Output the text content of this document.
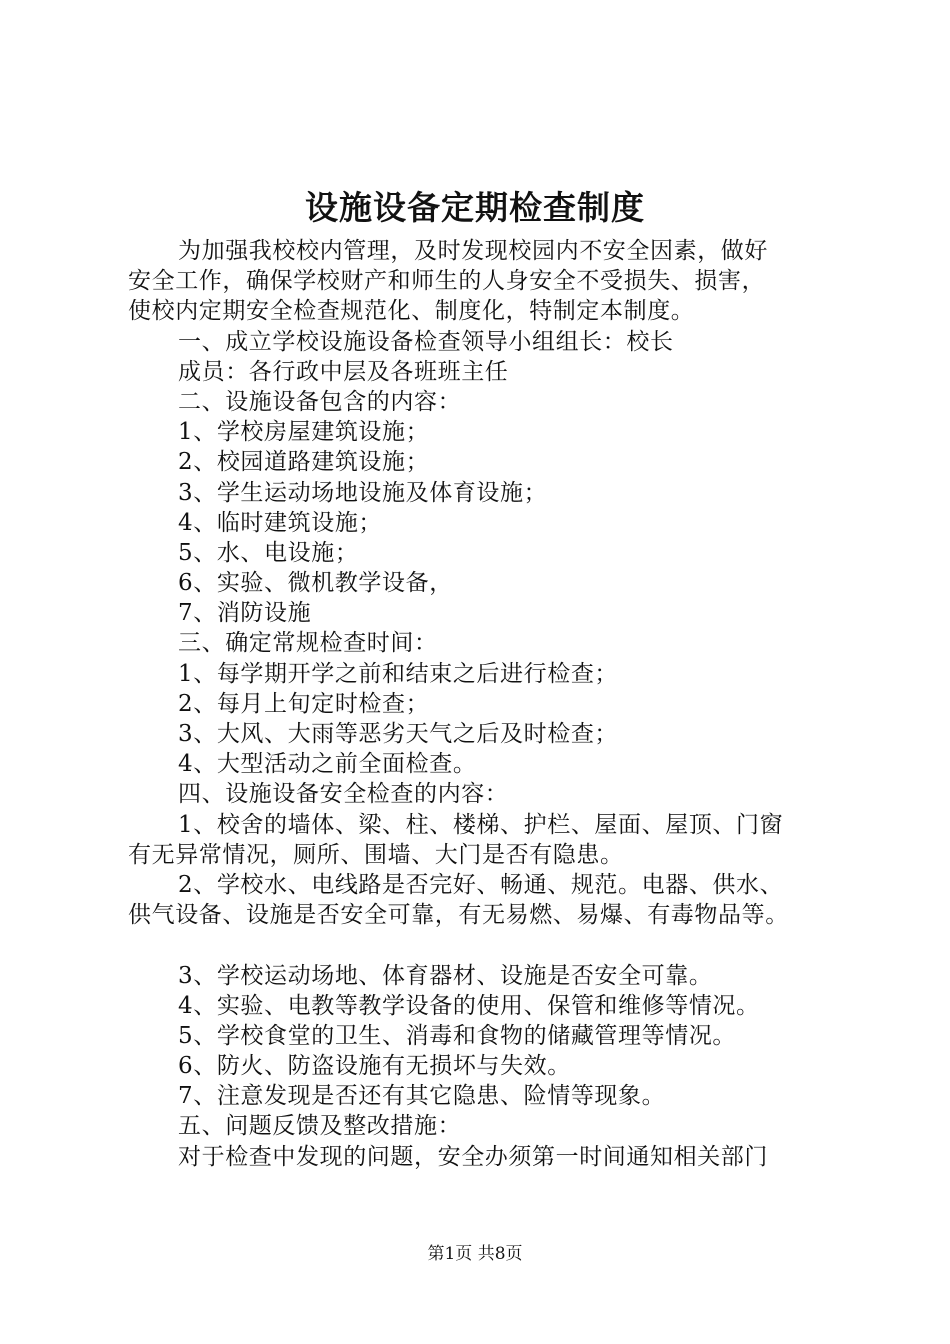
设施设备定期检查制度
为加强我校校内管理，及时发现校园内不安全因素，做好
安全工作，确保学校财产和师生的人身安全不受损失、损害，
使校内定期安全检查规范化、制度化，特制定本制度。
一、成立学校设施设备检查领导小组组长：校长
成员：各行政中层及各班班主任
二、设施设备包含的内容：
1、学校房屋建筑设施；
2、校园道路建筑设施；
3、学生运动场地设施及体育设施；
4、临时建筑设施；
5、水、电设施；
6、实验、微机教学设备，
7、消防设施
三、确定常规检查时间：
1、每学期开学之前和结束之后进行检查；
2、每月上旬定时检查；
3、大风、大雨等恶劣天气之后及时检查；
4、大型活动之前全面检查。
四、设施设备安全检查的内容：
1、校舍的墙体、梁、柱、楼梯、护栏、屋面、屋顶、门窗
有无异常情况，厕所、围墙、大门是否有隐患。
2、学校水、电线路是否完好、畅通、规范。电器、供水、
供气设备、设施是否安全可靠，有无易燃、易爆、有毒物品等。
3、学校运动场地、体育器材、设施是否安全可靠。
4、实验、电教等教学设备的使用、保管和维修等情况。
5、学校食堂的卫生、消毒和食物的储藏管理等情况。
6、防火、防盗设施有无损坏与失效。
7、注意发现是否还有其它隐患、险情等现象。
五、问题反馈及整改措施：
对于检查中发现的问题，安全办须第一时间通知相关部门
第1页 共8页
